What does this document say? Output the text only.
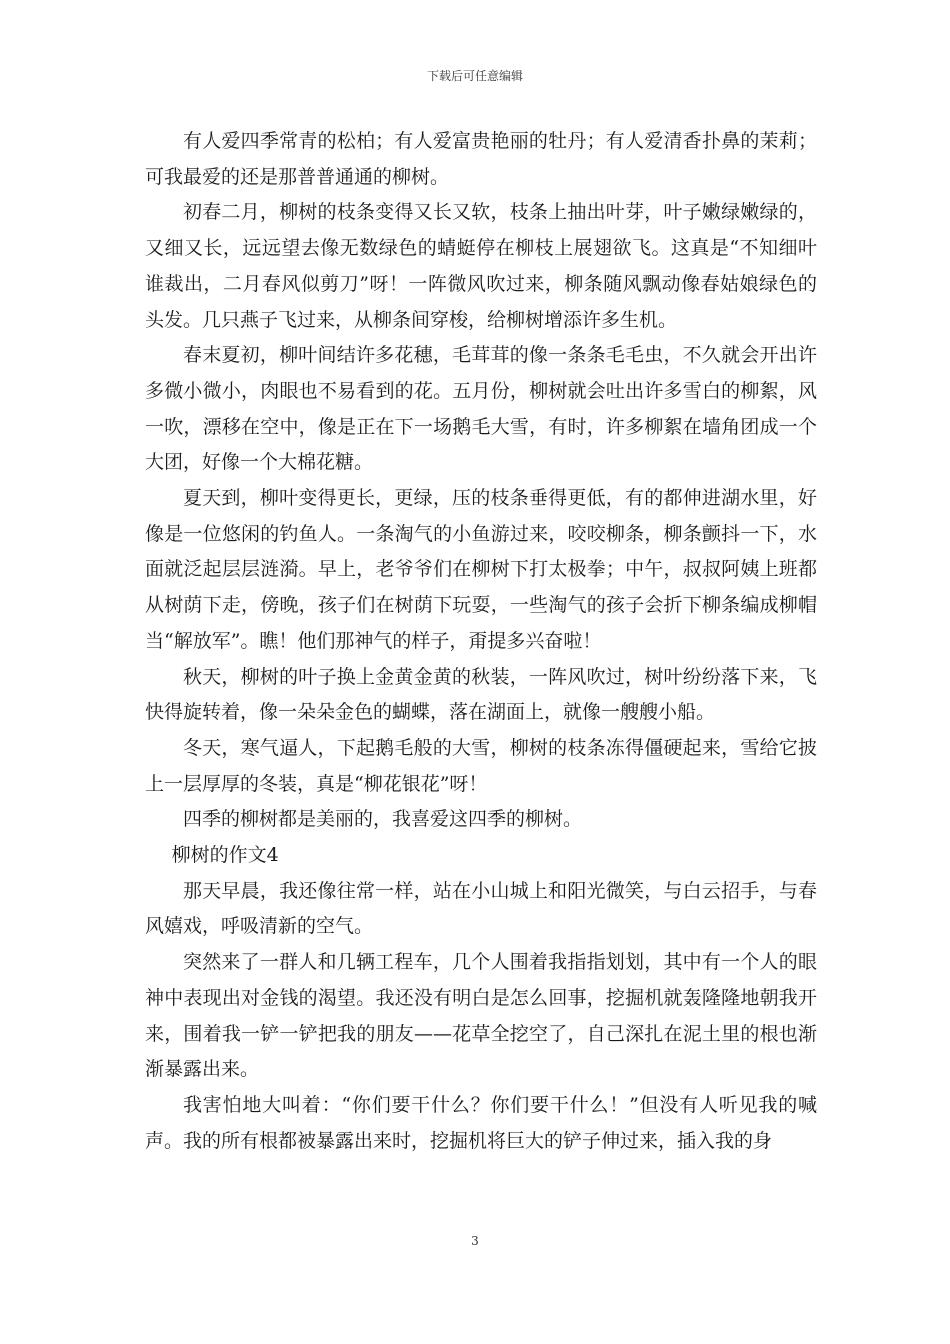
下载后可任意编辑

有人爱四季常青的松柏；有人爱富贵艳丽的牡丹；有人爱清香扑鼻的茉莉；可我最爱的还是那普普通通的柳树。

初春二月，柳树的枝条变得又长又软，枝条上抽出叶芽，叶子嫩绿嫩绿的，又细又长，远远望去像无数绿色的蜻蜓停在柳枝上展翅欲飞。这真是“不知细叶谁裁出，二月春风似剪刀”呀！一阵微风吹过来，柳条随风飘动像春姑娘绿色的头发。几只燕子飞过来，从柳条间穿梭，给柳树增添许多生机。

春末夏初，柳叶间结许多花穗，毛茸茸的像一条条毛毛虫，不久就会开出许多微小微小，肉眼也不易看到的花。五月份，柳树就会吐出许多雪白的柳絮，风一吹，漂移在空中，像是正在下一场鹅毛大雪，有时，许多柳絮在墙角团成一个大团，好像一个大棉花糖。

夏天到，柳叶变得更长，更绿，压的枝条垂得更低，有的都伸进湖水里，好像是一位悠闲的钓鱼人。一条淘气的小鱼游过来，咬咬柳条，柳条颤抖一下，水面就泛起层层涟漪。早上，老爷爷们在柳树下打太极拳；中午，叔叔阿姨上班都从树荫下走，傍晚，孩子们在树荫下玩耍，一些淘气的孩子会折下柳条编成柳帽当“解放军”。瞧！他们那神气的样子，甭提多兴奋啦！

秋天，柳树的叶子换上金黄金黄的秋装，一阵风吹过，树叶纷纷落下来，飞快得旋转着，像一朵朵金色的蝴蝶，落在湖面上，就像一艘艘小船。

冬天，寒气逼人，下起鹅毛般的大雪，柳树的枝条冻得僵硬起来，雪给它披上一层厚厚的冬装，真是“柳花银花”呀！

四季的柳树都是美丽的，我喜爱这四季的柳树。

柳树的作文4

那天早晨，我还像往常一样，站在小山城上和阳光微笑，与白云招手，与春风嬉戏，呼吸清新的空气。

突然来了一群人和几辆工程车，几个人围着我指指划划，其中有一个人的眼神中表现出对金钱的渴望。我还没有明白是怎么回事，挖掘机就轰隆隆地朝我开来，围着我一铲一铲把我的朋友——花草全挖空了，自己深扎在泥土里的根也渐渐暴露出来。

我害怕地大叫着：“你们要干什么？你们要干什么！”但没有人听见我的喊声。我的所有根都被暴露出来时，挖掘机将巨大的铲子伸过来，插入我的身

3
